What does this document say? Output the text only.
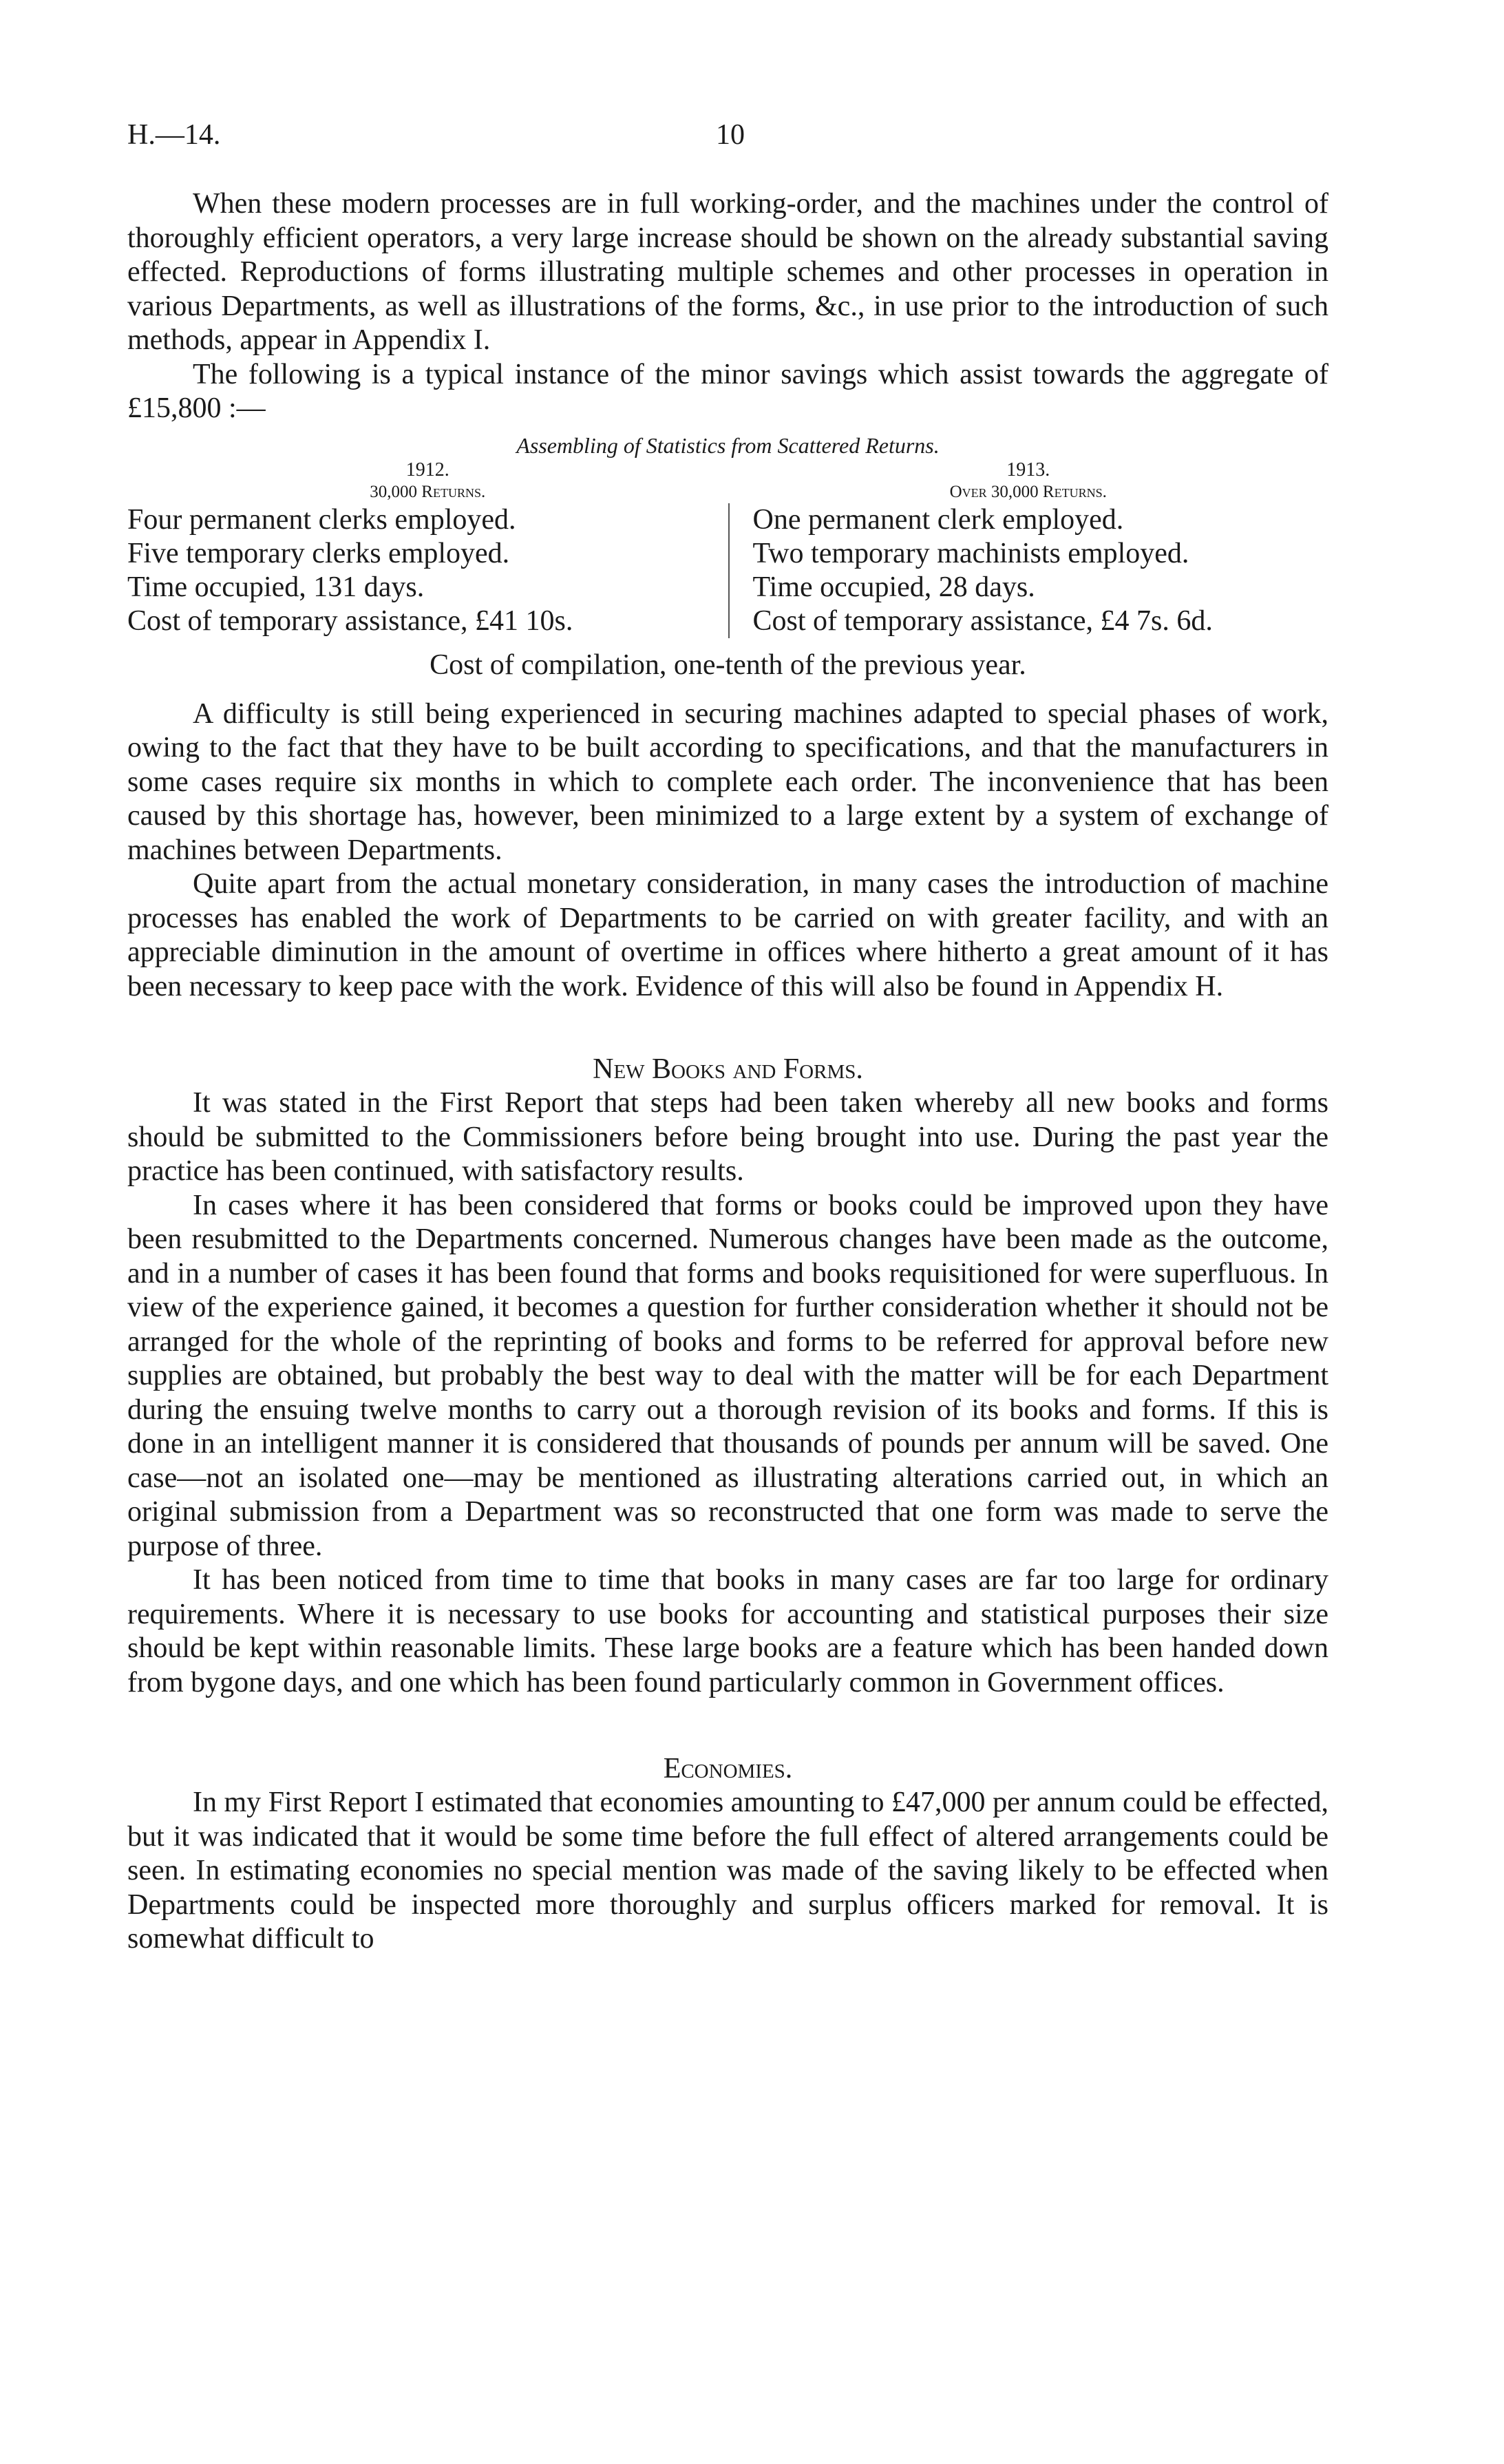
H.—14.	10

When these modern processes are in full working-order, and the machines under the control of thoroughly efficient operators, a very large increase should be shown on the already substantial saving effected. Reproductions of forms illustrating multiple schemes and other processes in operation in various Departments, as well as illustrations of the forms, &c., in use prior to the introduction of such methods, appear in Appendix I.

The following is a typical instance of the minor savings which assist towards the aggregate of £15,800 :—

Assembling of Statistics from Scattered Returns.
1912.
30,000 Returns.
1913.
Over 30,000 Returns.
Four permanent clerks employed.
Five temporary clerks employed.
Time occupied, 131 days.
Cost of temporary assistance, £41 10s.
One permanent clerk employed.
Two temporary machinists employed.
Time occupied, 28 days.
Cost of temporary assistance, £4 7s. 6d.
Cost of compilation, one-tenth of the previous year.

A difficulty is still being experienced in securing machines adapted to special phases of work, owing to the fact that they have to be built according to specifications, and that the manufacturers in some cases require six months in which to complete each order. The inconvenience that has been caused by this shortage has, however, been minimized to a large extent by a system of exchange of machines between Departments.

Quite apart from the actual monetary consideration, in many cases the introduction of machine processes has enabled the work of Departments to be carried on with greater facility, and with an appreciable diminution in the amount of overtime in offices where hitherto a great amount of it has been necessary to keep pace with the work. Evidence of this will also be found in Appendix H.

New Books and Forms.

It was stated in the First Report that steps had been taken whereby all new books and forms should be submitted to the Commissioners before being brought into use. During the past year the practice has been continued, with satisfactory results.

In cases where it has been considered that forms or books could be improved upon they have been resubmitted to the Departments concerned. Numerous changes have been made as the outcome, and in a number of cases it has been found that forms and books requisitioned for were superfluous. In view of the experience gained, it becomes a question for further consideration whether it should not be arranged for the whole of the reprinting of books and forms to be referred for approval before new supplies are obtained, but probably the best way to deal with the matter will be for each Department during the ensuing twelve months to carry out a thorough revision of its books and forms. If this is done in an intelligent manner it is considered that thousands of pounds per annum will be saved. One case—not an isolated one—may be mentioned as illustrating alterations carried out, in which an original submission from a Department was so reconstructed that one form was made to serve the purpose of three.

It has been noticed from time to time that books in many cases are far too large for ordinary requirements. Where it is necessary to use books for accounting and statistical purposes their size should be kept within reasonable limits. These large books are a feature which has been handed down from bygone days, and one which has been found particularly common in Government offices.

Economies.

In my First Report I estimated that economies amounting to £47,000 per annum could be effected, but it was indicated that it would be some time before the full effect of altered arrangements could be seen. In estimating economies no special mention was made of the saving likely to be effected when Departments could be inspected more thoroughly and surplus officers marked for removal. It is somewhat difficult to
